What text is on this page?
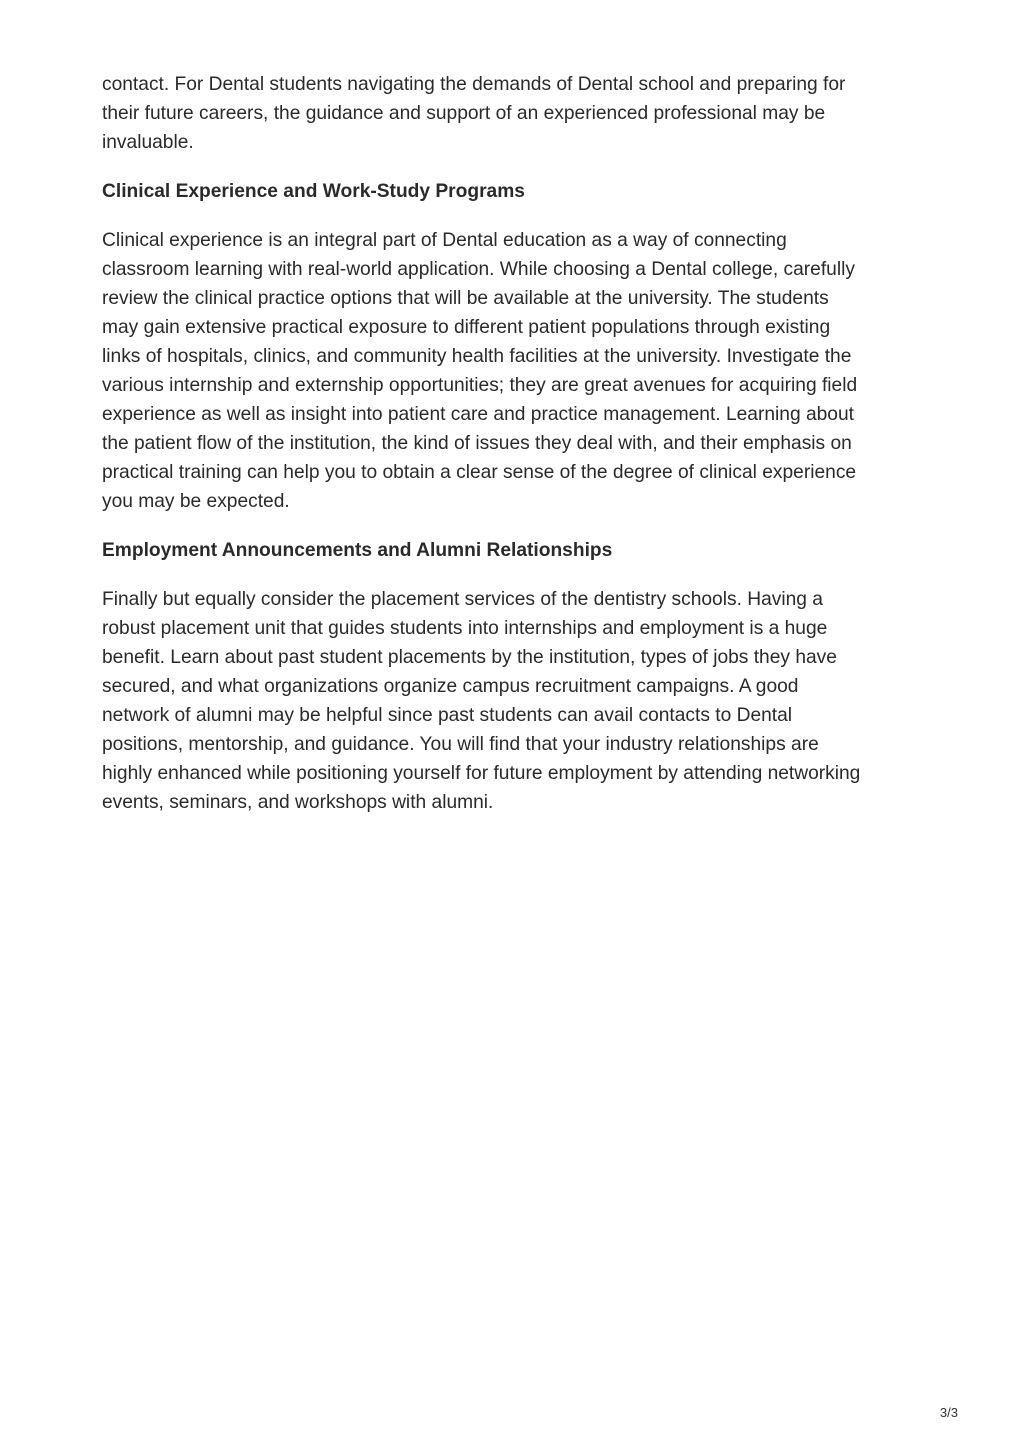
contact. For Dental students navigating the demands of Dental school and preparing for
their future careers, the guidance and support of an experienced professional may be
invaluable.

Clinical Experience and Work-Study Programs

Clinical experience is an integral part of Dental education as a way of connecting
classroom learning with real-world application. While choosing a Dental college, carefully
review the clinical practice options that will be available at the university. The students
may gain extensive practical exposure to different patient populations through existing
links of hospitals, clinics, and community health facilities at the university. Investigate the
various internship and externship opportunities; they are great avenues for acquiring field
experience as well as insight into patient care and practice management. Learning about
the patient flow of the institution, the kind of issues they deal with, and their emphasis on
practical training can help you to obtain a clear sense of the degree of clinical experience
you may be expected.

Employment Announcements and Alumni Relationships

Finally but equally consider the placement services of the dentistry schools. Having a
robust placement unit that guides students into internships and employment is a huge
benefit. Learn about past student placements by the institution, types of jobs they have
secured, and what organizations organize campus recruitment campaigns. A good
network of alumni may be helpful since past students can avail contacts to Dental
positions, mentorship, and guidance. You will find that your industry relationships are
highly enhanced while positioning yourself for future employment by attending networking
events, seminars, and workshops with alumni.

3/3
